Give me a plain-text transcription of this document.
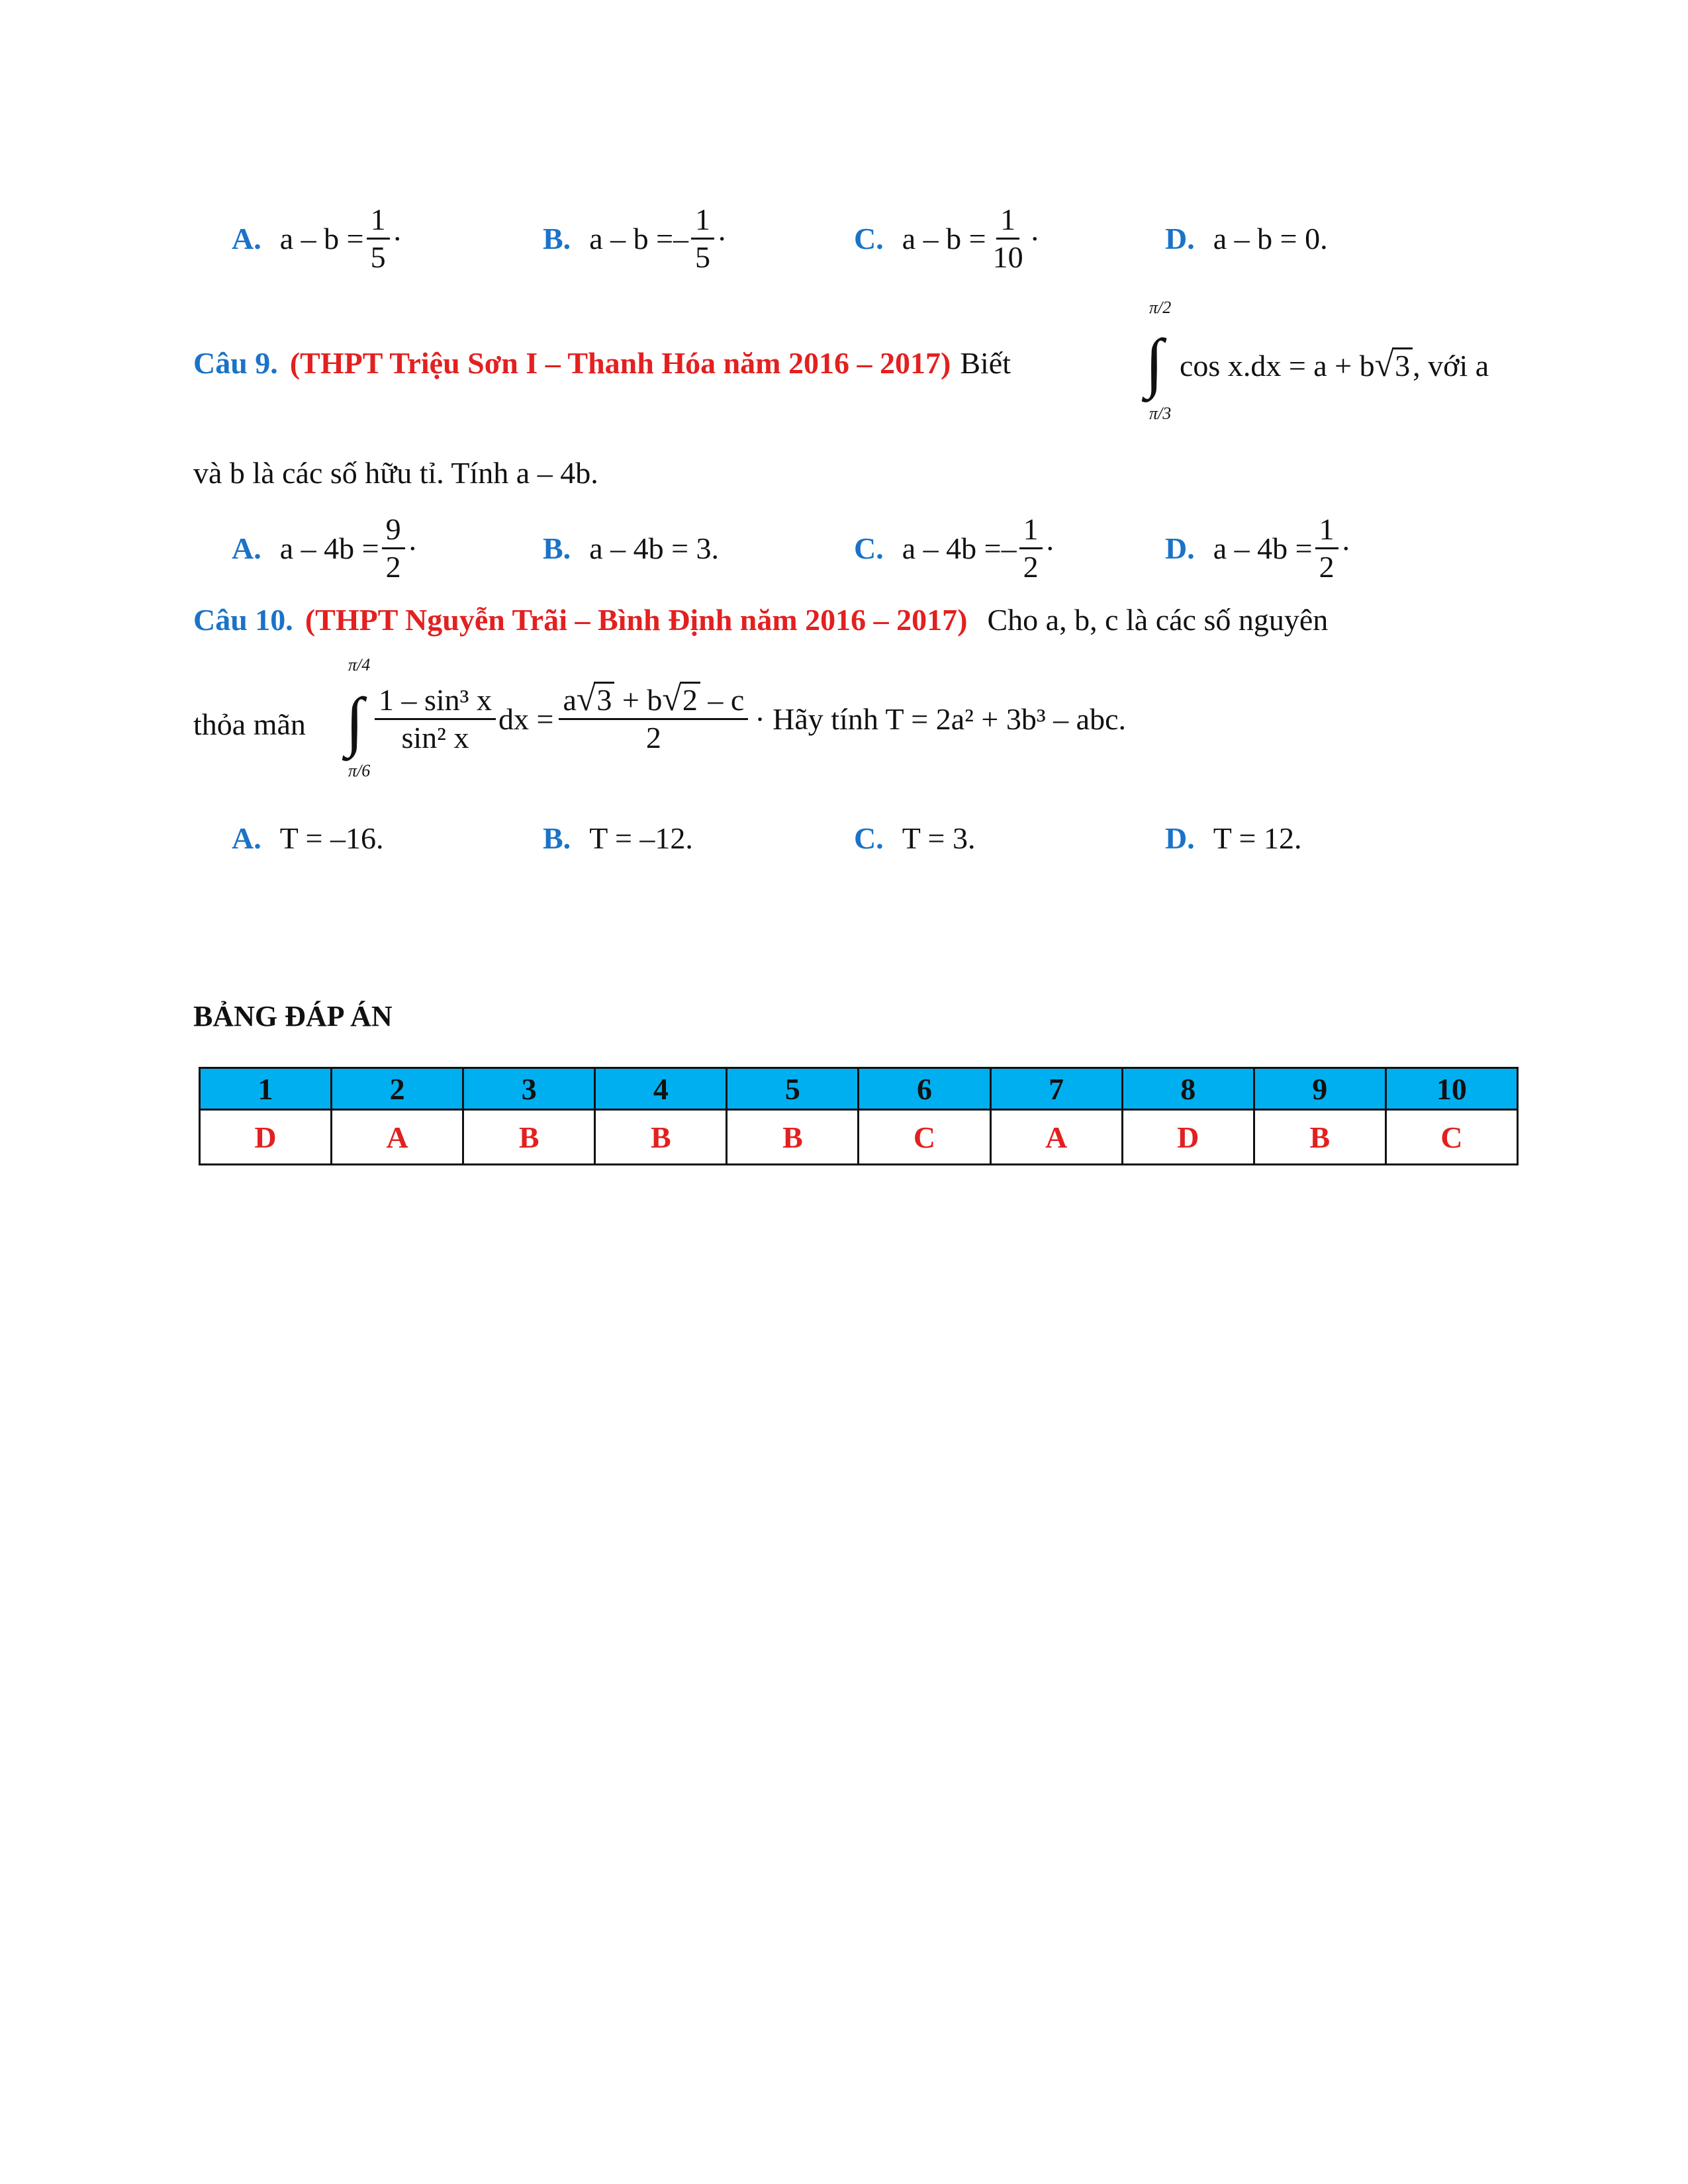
A. $a - b = \frac{1}{5}$ ·	B. a – b = – $\frac{1}{5}$ ·	C. $a - b = \frac{1}{10}$ ·	D. a – b = 0.
Câu 9. (THPT Triệu Sơn I – Thanh Hóa năm 2016 – 2017) Biết
π/2
∫
π/3
cos x.dx = a + b√3, với a
và b là các số hữu tỉ. Tính a – 4b.
A. $a - 4b = \frac{9}{2}$ ·	B. a – 4b = 3.	C. a – 4b = – $\frac{1}{2}$ ·	D. $a - 4b = \frac{1}{2}$ ·
Câu 10. (THPT Nguyễn Trãi – Bình Định năm 2016 – 2017) Cho a, b, c là các số nguyên
thỏa mãn
π/4
∫
π/6
$\frac{\text{1 – sin³ x}}{\text{sin² x}}$ dx = $\frac{a√3 + b√2 - c}{2}$ · Hãy tính T = 2a² + 3b³ – abc.
A. T = –16.	B. T = –12.	C. T = 3.	D. T = 12.
BẢNG ĐÁP ÁN
1	2	3	4	5	6	7	8	9	10
D	A	B	B	B	C	A	D	B	C
